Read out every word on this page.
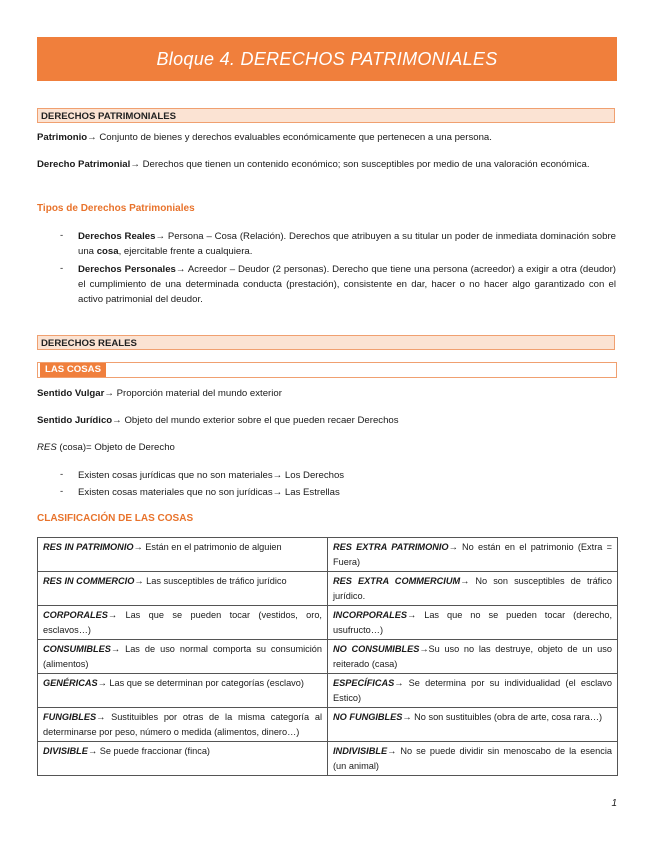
Bloque 4. DERECHOS PATRIMONIALES
DERECHOS PATRIMONIALES
Patrimonio→ Conjunto de bienes y derechos evaluables económicamente que pertenecen a una persona.
Derecho Patrimonial→ Derechos que tienen un contenido económico; son susceptibles por medio de una valoración económica.
Tipos de Derechos Patrimoniales
- Derechos Reales→ Persona – Cosa (Relación). Derechos que atribuyen a su titular un poder de inmediata dominación sobre una cosa, ejercitable frente a cualquiera.
- Derechos Personales→ Acreedor – Deudor (2 personas). Derecho que tiene una persona (acreedor) a exigir a otra (deudor) el cumplimiento de una determinada conducta (prestación), consistente en dar, hacer o no hacer algo garantizado con el activo patrimonial del deudor.
DERECHOS REALES
LAS COSAS
Sentido Vulgar→ Proporción material del mundo exterior
Sentido Jurídico→ Objeto del mundo exterior sobre el que pueden recaer Derechos
RES (cosa)= Objeto de Derecho
- Existen cosas jurídicas que no son materiales→ Los Derechos
- Existen cosas materiales que no son jurídicas→ Las Estrellas
CLASIFICACIÓN DE LAS COSAS
RES IN PATRIMONIO→ Están en el patrimonio de alguien	RES EXTRA PATRIMONIO→ No están en el patrimonio (Extra = Fuera)
RES IN COMMERCIO→ Las susceptibles de tráfico jurídico	RES EXTRA COMMERCIUM→ No son susceptibles de tráfico jurídico.
CORPORALES→ Las que se pueden tocar (vestidos, oro, esclavos…)	INCORPORALES→ Las que no se pueden tocar (derecho, usufructo…)
CONSUMIBLES→ Las de uso normal comporta su consumición (alimentos)	NO CONSUMIBLES→Su uso no las destruye, objeto de un uso reiterado (casa)
GENÉRICAS→ Las que se determinan por categorías (esclavo)	ESPECÍFICAS→ Se determina por su individualidad (el esclavo Estico)
FUNGIBLES→ Sustituibles por otras de la misma categoría al determinarse por peso, número o medida (alimentos, dinero…)	NO FUNGIBLES→ No son sustituibles (obra de arte, cosa rara…)
DIVISIBLE→ Se puede fraccionar (finca)	INDIVISIBLE→ No se puede dividir sin menoscabo de la esencia (un animal)
1
